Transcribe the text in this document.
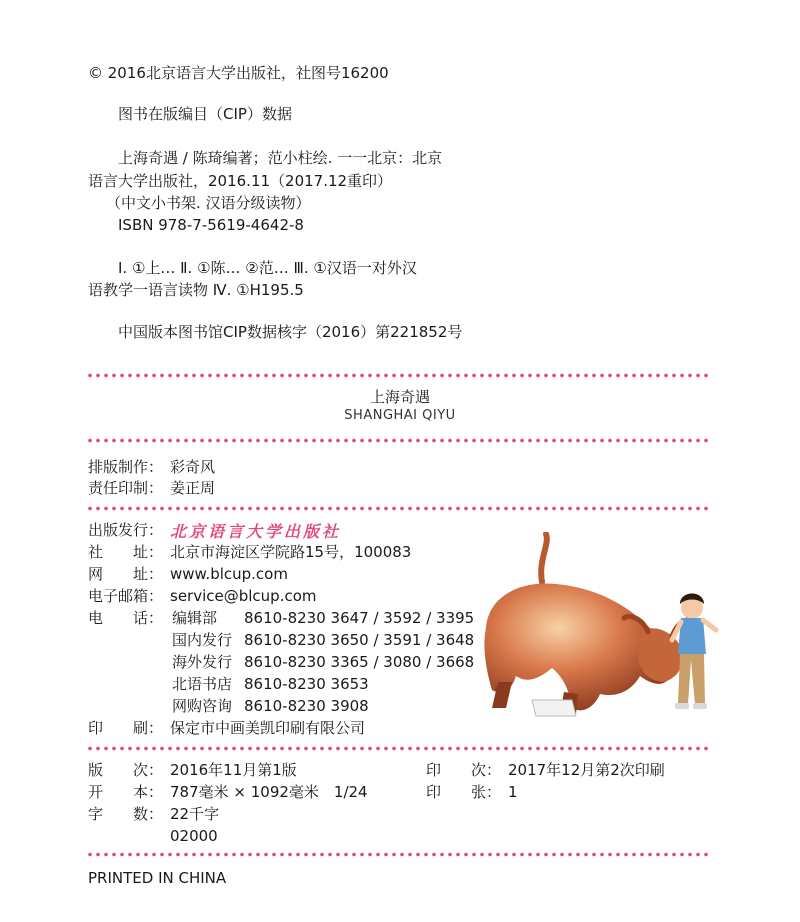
© 2016北京语言大学出版社，社图号16200
图书在版编目（CIP）数据
上海奇遇 / 陈琦编著；范小柱绘. 一一北京：北京
语言大学出版社，2016.11（2017.12重印）
（中文小书架. 汉语分级读物）
ISBN 978-7-5619-4642-8
Ⅰ. ①上… Ⅱ. ①陈… ②范… Ⅲ. ①汉语一对外汉
语教学一语言读物 Ⅳ. ①H195.5
中国版本图书馆CIP数据核字（2016）第221852号
上海奇遇
SHANGHAI QIYU
排版制作： 彩奇风
责任印制： 姜正周
出版发行： 北京语言大学出版社
社　　址： 北京市海淀区学院路15号，100083
网　　址： www.blcup.com
电子邮箱： service@blcup.com
电　　话： 编辑部 8610-8230 3647 / 3592 / 3395
国内发行 8610-8230 3650 / 3591 / 3648
海外发行 8610-8230 3365 / 3080 / 3668
北语书店 8610-8230 3653
网购咨询 8610-8230 3908
印　　刷： 保定市中画美凯印刷有限公司
版　　次： 2016年11月第1版	印　　次： 2017年12月第2次印刷
开　　本： 787毫米 × 1092毫米　1/24	印　　张： 1
字　　数： 22千字
02000
PRINTED IN CHINA
